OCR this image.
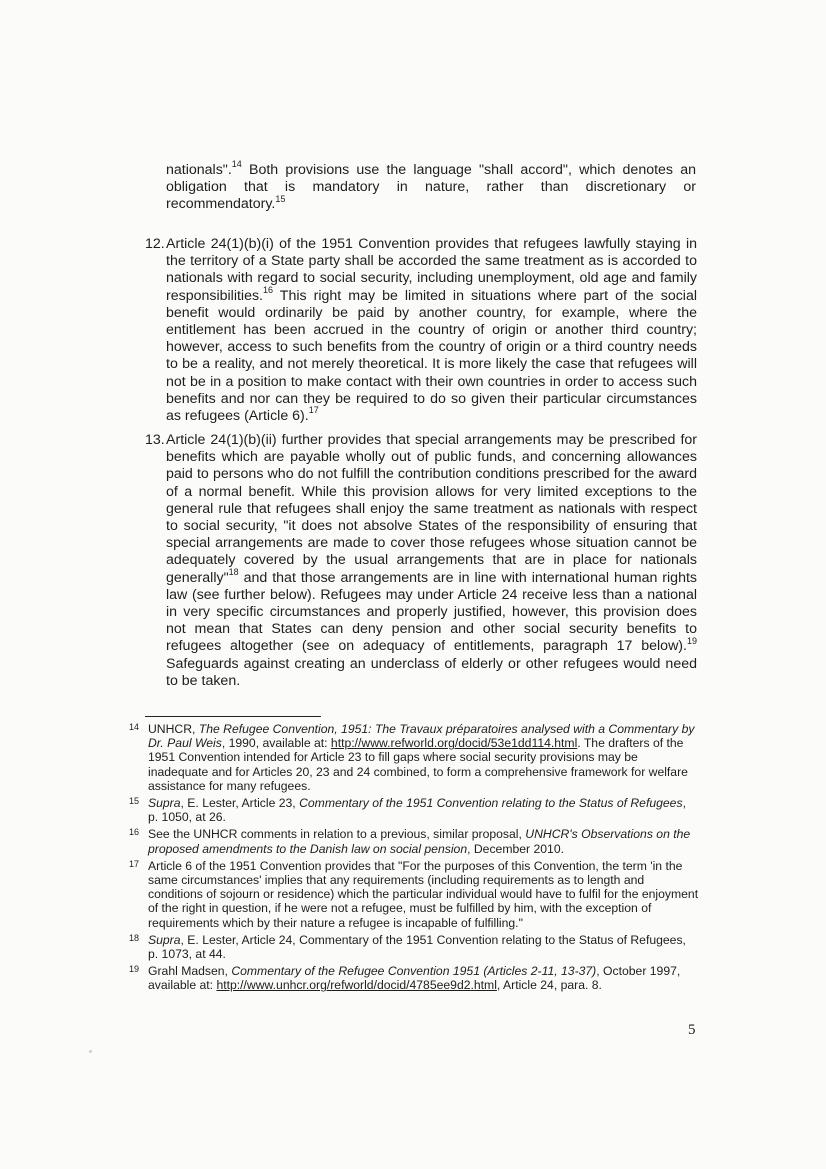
nationals".$^{14}$ Both provisions use the language "shall accord", which denotes an obligation that is mandatory in nature, rather than discretionary or recommendatory.$^{15}$
12. Article 24(1)(b)(i) of the 1951 Convention provides that refugees lawfully staying in the territory of a State party shall be accorded the same treatment as is accorded to nationals with regard to social security, including unemployment, old age and family responsibilities.$^{16}$ This right may be limited in situations where part of the social benefit would ordinarily be paid by another country, for example, where the entitlement has been accrued in the country of origin or another third country; however, access to such benefits from the country of origin or a third country needs to be a reality, and not merely theoretical. It is more likely the case that refugees will not be in a position to make contact with their own countries in order to access such benefits and nor can they be required to do so given their particular circumstances as refugees (Article 6).$^{17}$
13. Article 24(1)(b)(ii) further provides that special arrangements may be prescribed for benefits which are payable wholly out of public funds, and concerning allowances paid to persons who do not fulfill the contribution conditions prescribed for the award of a normal benefit. While this provision allows for very limited exceptions to the general rule that refugees shall enjoy the same treatment as nationals with respect to social security, "it does not absolve States of the responsibility of ensuring that special arrangements are made to cover those refugees whose situation cannot be adequately covered by the usual arrangements that are in place for nationals generally"$^{18}$ and that those arrangements are in line with international human rights law (see further below). Refugees may under Article 24 receive less than a national in very specific circumstances and properly justified, however, this provision does not mean that States can deny pension and other social security benefits to refugees altogether (see on adequacy of entitlements, paragraph 17 below).$^{19}$ Safeguards against creating an underclass of elderly or other refugees would need to be taken.
14 UNHCR, The Refugee Convention, 1951: The Travaux préparatoires analysed with a Commentary by Dr. Paul Weis, 1990, available at: http://www.refworld.org/docid/53e1dd114.html. The drafters of the 1951 Convention intended for Article 23 to fill gaps where social security provisions may be inadequate and for Articles 20, 23 and 24 combined, to form a comprehensive framework for welfare assistance for many refugees.
15 Supra, E. Lester, Article 23, Commentary of the 1951 Convention relating to the Status of Refugees, p. 1050, at 26.
16 See the UNHCR comments in relation to a previous, similar proposal, UNHCR's Observations on the proposed amendments to the Danish law on social pension, December 2010.
17 Article 6 of the 1951 Convention provides that "For the purposes of this Convention, the term 'in the same circumstances' implies that any requirements (including requirements as to length and conditions of sojourn or residence) which the particular individual would have to fulfil for the enjoyment of the right in question, if he were not a refugee, must be fulfilled by him, with the exception of requirements which by their nature a refugee is incapable of fulfilling."
18 Supra, E. Lester, Article 24, Commentary of the 1951 Convention relating to the Status of Refugees, p. 1073, at 44.
19 Grahl Madsen, Commentary of the Refugee Convention 1951 (Articles 2-11, 13-37), October 1997, available at: http://www.unhcr.org/refworld/docid/4785ee9d2.html, Article 24, para. 8.
5
